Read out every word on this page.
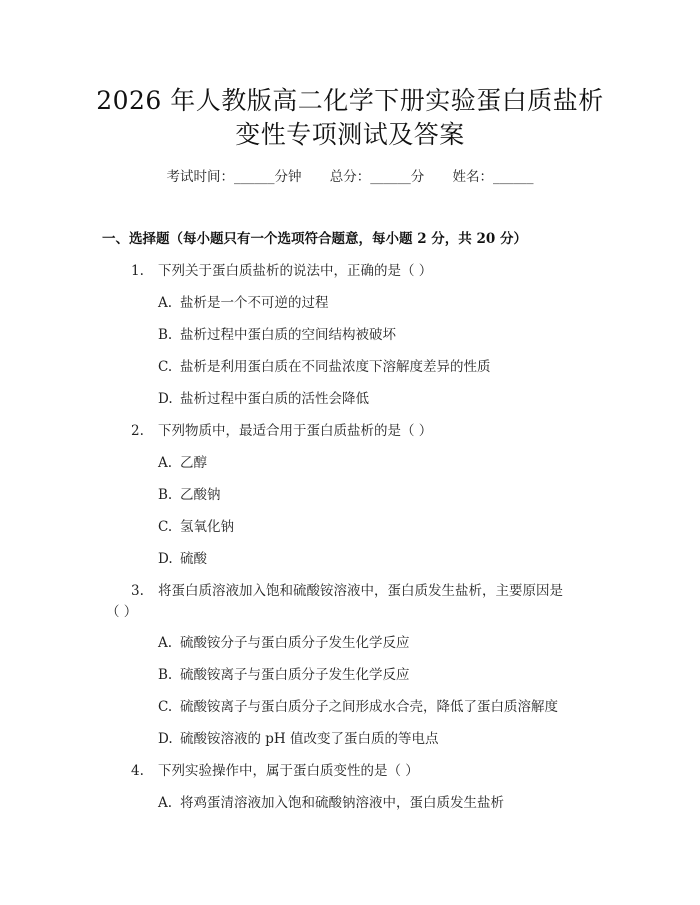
2026 年人教版高二化学下册实验蛋白质盐析
变性专项测试及答案
考试时间：______分钟 总分：______分 姓名：______
一、选择题（每小题只有一个选项符合题意，每小题 2 分，共 20 分）
1. 下列关于蛋白质盐析的说法中，正确的是（ ）
A. 盐析是一个不可逆的过程
B. 盐析过程中蛋白质的空间结构被破坏
C. 盐析是利用蛋白质在不同盐浓度下溶解度差异的性质
D. 盐析过程中蛋白质的活性会降低
2. 下列物质中，最适合用于蛋白质盐析的是（ ）
A. 乙醇
B. 乙酸钠
C. 氢氧化钠
D. 硫酸
3. 将蛋白质溶液加入饱和硫酸铵溶液中，蛋白质发生盐析，主要原因是
（ ）
A. 硫酸铵分子与蛋白质分子发生化学反应
B. 硫酸铵离子与蛋白质分子发生化学反应
C. 硫酸铵离子与蛋白质分子之间形成水合壳，降低了蛋白质溶解度
D. 硫酸铵溶液的 pH 值改变了蛋白质的等电点
4. 下列实验操作中，属于蛋白质变性的是（ ）
A. 将鸡蛋清溶液加入饱和硫酸钠溶液中，蛋白质发生盐析
